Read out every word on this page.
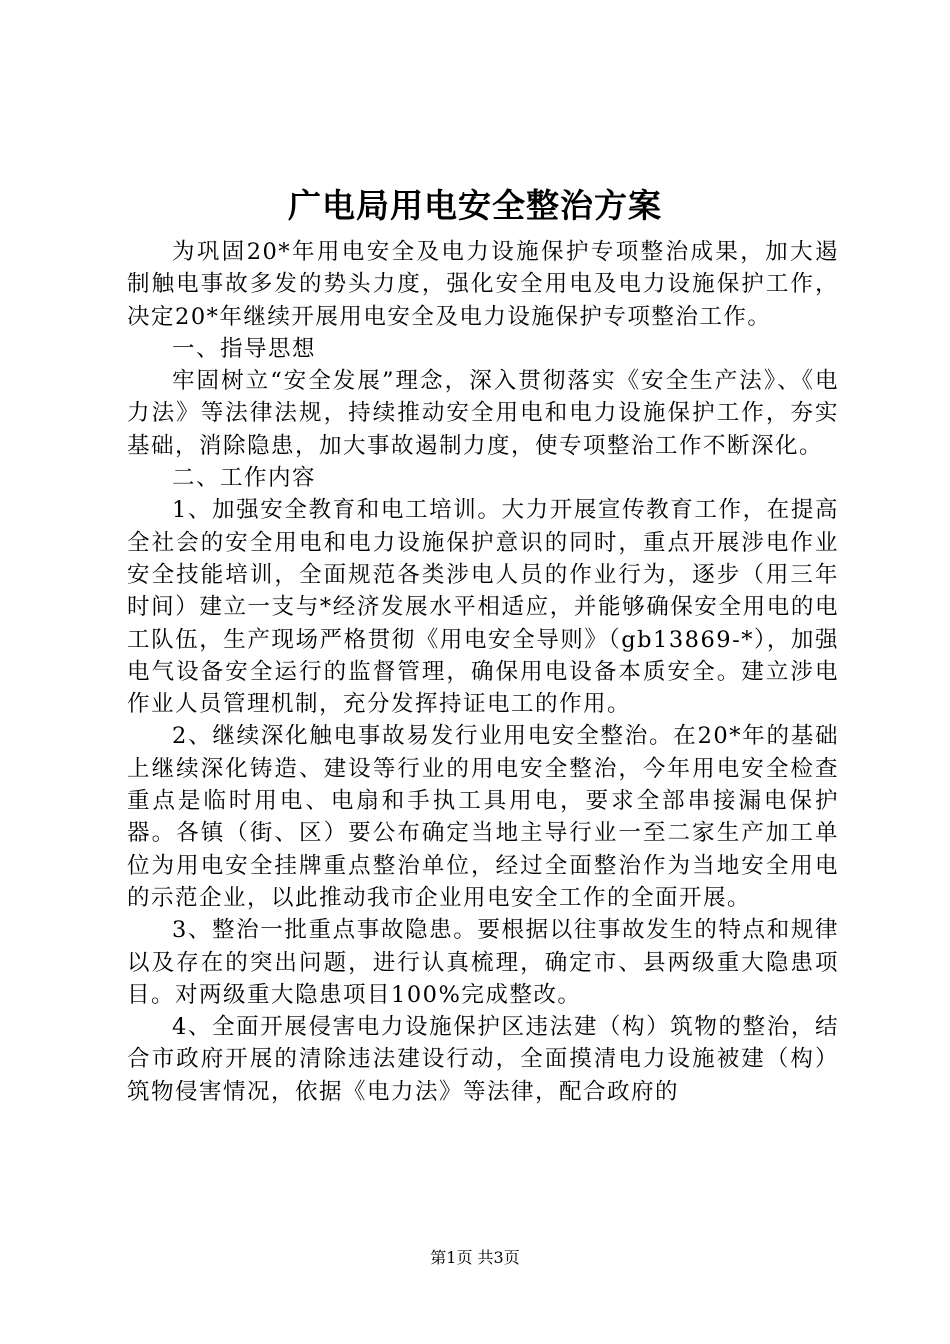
广电局用电安全整治方案

为巩固20*年用电安全及电力设施保护专项整治成果，加大遏制触电事故多发的势头力度，强化安全用电及电力设施保护工作，决定20*年继续开展用电安全及电力设施保护专项整治工作。

一、指导思想

牢固树立“安全发展”理念，深入贯彻落实《安全生产法》、《电力法》等法律法规，持续推动安全用电和电力设施保护工作，夯实基础，消除隐患，加大事故遏制力度，使专项整治工作不断深化。

二、工作内容

1、加强安全教育和电工培训。大力开展宣传教育工作，在提高全社会的安全用电和电力设施保护意识的同时，重点开展涉电作业安全技能培训，全面规范各类涉电人员的作业行为，逐步（用三年时间）建立一支与*经济发展水平相适应，并能够确保安全用电的电工队伍，生产现场严格贯彻《用电安全导则》（gb13869-*），加强电气设备安全运行的监督管理，确保用电设备本质安全。建立涉电作业人员管理机制，充分发挥持证电工的作用。

2、继续深化触电事故易发行业用电安全整治。在20*年的基础上继续深化铸造、建设等行业的用电安全整治，今年用电安全检查重点是临时用电、电扇和手执工具用电，要求全部串接漏电保护器。各镇（街、区）要公布确定当地主导行业一至二家生产加工单位为用电安全挂牌重点整治单位，经过全面整治作为当地安全用电的示范企业，以此推动我市企业用电安全工作的全面开展。

3、整治一批重点事故隐患。要根据以往事故发生的特点和规律以及存在的突出问题，进行认真梳理，确定市、县两级重大隐患项目。对两级重大隐患项目100%完成整改。

4、全面开展侵害电力设施保护区违法建（构）筑物的整治，结合市政府开展的清除违法建设行动，全面摸清电力设施被建（构）筑物侵害情况，依据《电力法》等法律，配合政府的

第1页 共3页
